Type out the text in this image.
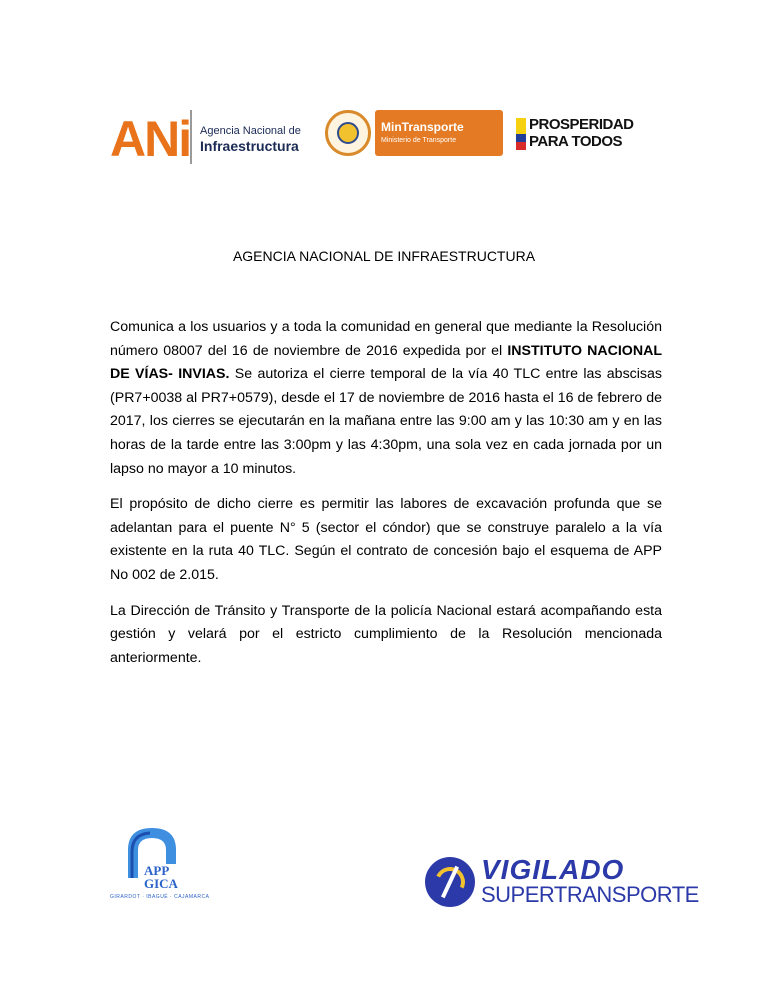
ANi Agencia Nacional de
Infraestructura
MinTransporte
Ministerio de Transporte
PROSPERIDAD
PARA TODOS
AGENCIA NACIONAL DE INFRAESTRUCTURA

Comunica a los usuarios y a toda la comunidad en general que mediante la Resolución número 08007 del 16 de noviembre de 2016 expedida por el INSTITUTO NACIONAL DE VÍAS- INVIAS. Se autoriza el cierre temporal de la vía 40 TLC entre las abscisas (PR7+0038 al PR7+0579), desde el 17 de noviembre de 2016 hasta el 16 de febrero de 2017, los cierres se ejecutarán en la mañana entre las 9:00 am y las 10:30 am y en las horas de la tarde entre las 3:00pm y las 4:30pm, una sola vez en cada jornada por un lapso no mayor a 10 minutos.

El propósito de dicho cierre es permitir las labores de excavación profunda que se adelantan para el puente N° 5 (sector el cóndor) que se construye paralelo a la vía existente en la ruta 40 TLC. Según el contrato de concesión bajo el esquema de APP No 002 de 2.015.

La Dirección de Tránsito y Transporte de la policía Nacional estará acompañando esta gestión y velará por el estricto cumplimiento de la Resolución mencionada anteriormente.

APP
GICA
GIRARDOT · IBAGUÉ · CAJAMARCA
VIGILADO
SUPERTRANSPORTE
